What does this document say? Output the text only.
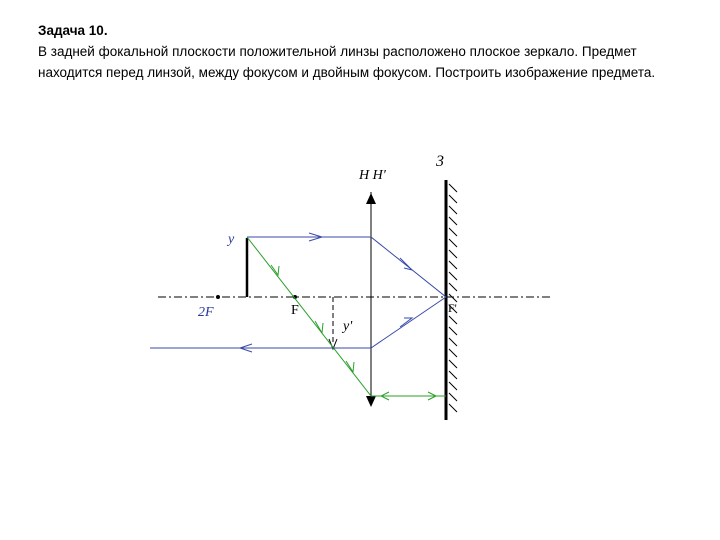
Задача 10.
В задней фокальной плоскости положительной линзы расположено плоское зеркало. Предмет находится перед линзой, между фокусом и двойным фокусом. Построить изображение предмета.
H H'
3
y
y'
2F	F	F'
